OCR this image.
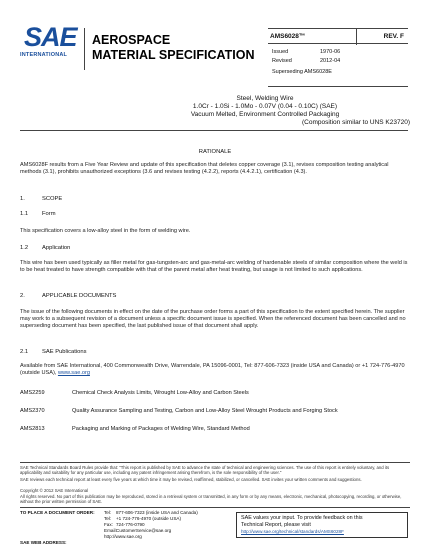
SAE
INTERNATIONAL
AEROSPACE
MATERIAL SPECIFICATION
AMS6028™	REV. F
Issued	1970-06
Revised	2012-04
Superseding AMS6028E
Steel, Welding Wire
1.0Cr - 1.0Si - 1.0Mo - 0.07V (0.04 - 0.10C) (SAE)
Vacuum Melted, Environment Controlled Packaging
(Composition similar to UNS K23720)
RATIONALE
AMS6028F results from a Five Year Review and update of this specification that deletes copper coverage (3.1), revises composition testing analytical methods (3.1), prohibits unauthorized exceptions (3.6 and revises testing (4.2.2), reports (4.4.2.1), certification (4.3).
1.	SCOPE
1.1 Form
This specification covers a low-alloy steel in the form of welding wire.
1.2 Application
This wire has been used typically as filler metal for gas-tungsten-arc and gas-metal-arc welding of hardenable steels of similar composition where the weld is to be heat treated to have strength compatible with that of the parent metal after heat treating, but usage is not limited to such applications.
2.	APPLICABLE DOCUMENTS
The issue of the following documents in effect on the date of the purchase order forms a part of this specification to the extent specified herein. The supplier may work to a subsequent revision of a document unless a specific document issue is specified. When the referenced document has been cancelled and no superseding document has been specified, the last published issue of that document shall apply.
2.1 SAE Publications
Available from SAE International, 400 Commonwealth Drive, Warrendale, PA 15096-0001, Tel: 877-606-7323 (inside USA and Canada) or +1 724-776-4970 (outside USA), www.sae.org
AMS2259	Chemical Check Analysis Limits, Wrought Low-Alloy and Carbon Steels
AMS2370	Quality Assurance Sampling and Testing, Carbon and Low-Alloy Steel Wrought Products and Forging Stock
AMS2813	Packaging and Marking of Packages of Welding Wire, Standard Method
SAE Technical Standards Board Rules provide that: "This report is published by SAE to advance the state of technical and engineering sciences. The use of this report is entirely voluntary, and its applicability and suitability for any particular use, including any patent infringement arising therefrom, is the sole responsibility of the user."
SAE reviews each technical report at least every five years at which time it may be revised, reaffirmed, stabilized, or cancelled. SAE invites your written comments and suggestions.
Copyright © 2012 SAE International
All rights reserved. No part of this publication may be reproduced, stored in a retrieval system or transmitted, in any form or by any means, electronic, mechanical, photocopying, recording, or otherwise, without the prior written permission of SAE.
TO PLACE A DOCUMENT ORDER: Tel: 877-606-7323 (inside USA and Canada)
Tel: +1 724-776-4970 (outside USA)
Fax: 724-776-0790
Email:CustomerService@sae.org
http://www.sae.org
SAE WEB ADDRESS:
SAE values your input. To provide feedback on this
Technical Report, please visit
http://www.sae.org/technical/standards/AMS6028F
